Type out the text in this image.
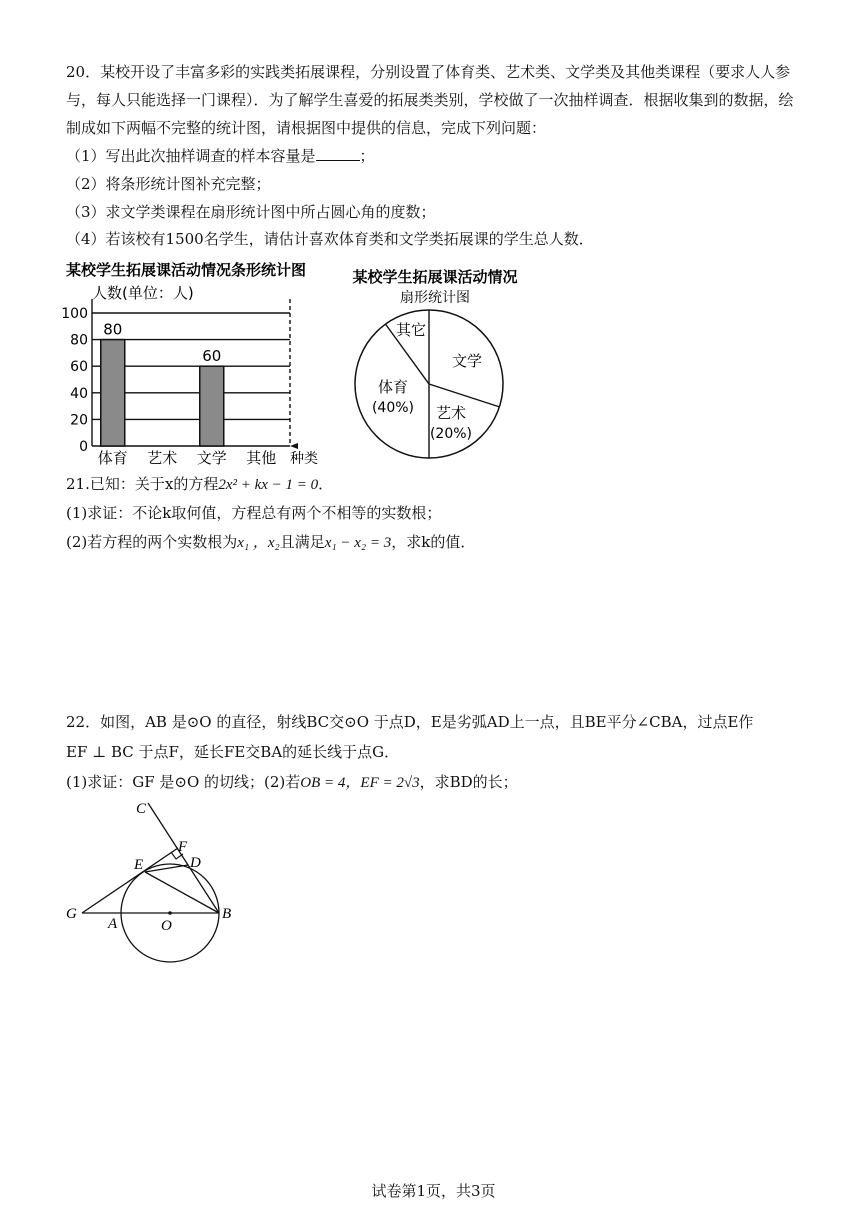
20．某校开设了丰富多彩的实践类拓展课程，分别设置了体育类、艺术类、文学类及其他类课程（要求人人参
与，每人只能选择一门课程）．为了解学生喜爱的拓展类类别，学校做了一次抽样调查．根据收集到的数据，绘
制成如下两幅不完整的统计图，请根据图中提供的信息，完成下列问题：
（1）写出此次抽样调查的样本容量是	；
（2）将条形统计图补充完整；
（3）求文学类课程在扇形统计图中所占圆心角的度数；
（4）若该校有1500名学生，请估计喜欢体育类和文学类拓展课的学生总人数．
某校学生拓展课活动情况条形统计图
人数(单位：人)
80
60
0
20
40
60
80
100
体育 艺术 文学 其他 种类
某校学生拓展课活动情况
扇形统计图
文学
艺术
(20%)
体育
(40%)
其它
21.已知：关于x的方程2x² + kx − 1 = 0．
(1)求证：不论k取何值，方程总有两个不相等的实数根；
(2)若方程的两个实数根为x₁ ，x₂且满足x₁ − x₂ = 3，求k的值．
22．如图，AB 是⊙O 的直径，射线BC交⊙O 于点D，E是劣弧AD上一点，且BE平分∠CBA，过点E作
EF ⊥ BC 于点F，延长FE交BA的延长线于点G．
(1)求证：GF 是⊙O 的切线；(2)若OB = 4，EF = 2√3，求BD的长；
C
F
E	D
G
A	O
B
试卷第1页，共3页
